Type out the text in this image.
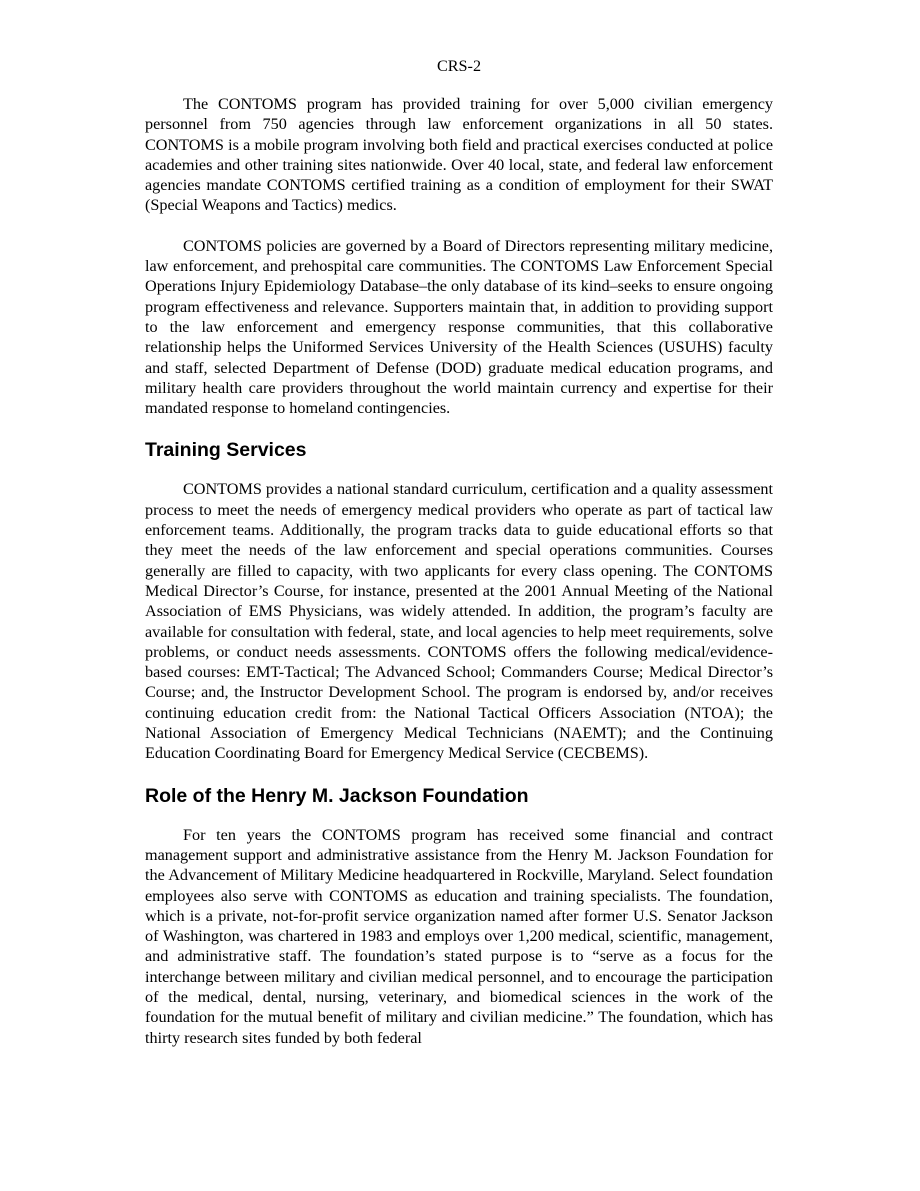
CRS-2

The CONTOMS program has provided training for over 5,000 civilian emergency personnel from 750 agencies through law enforcement organizations in all 50 states. CONTOMS is a mobile program involving both field and practical exercises conducted at police academies and other training sites nationwide. Over 40 local, state, and federal law enforcement agencies mandate CONTOMS certified training as a condition of employment for their SWAT (Special Weapons and Tactics) medics.

CONTOMS policies are governed by a Board of Directors representing military medicine, law enforcement, and prehospital care communities. The CONTOMS Law Enforcement Special Operations Injury Epidemiology Database–the only database of its kind–seeks to ensure ongoing program effectiveness and relevance. Supporters maintain that, in addition to providing support to the law enforcement and emergency response communities, that this collaborative relationship helps the Uniformed Services University of the Health Sciences (USUHS) faculty and staff, selected Department of Defense (DOD) graduate medical education programs, and military health care providers throughout the world maintain currency and expertise for their mandated response to homeland contingencies.

Training Services

CONTOMS provides a national standard curriculum, certification and a quality assessment process to meet the needs of emergency medical providers who operate as part of tactical law enforcement teams. Additionally, the program tracks data to guide educational efforts so that they meet the needs of the law enforcement and special operations communities. Courses generally are filled to capacity, with two applicants for every class opening. The CONTOMS Medical Director’s Course, for instance, presented at the 2001 Annual Meeting of the National Association of EMS Physicians, was widely attended. In addition, the program’s faculty are available for consultation with federal, state, and local agencies to help meet requirements, solve problems, or conduct needs assessments. CONTOMS offers the following medical/evidence-based courses: EMT-Tactical; The Advanced School; Commanders Course; Medical Director’s Course; and, the Instructor Development School. The program is endorsed by, and/or receives continuing education credit from: the National Tactical Officers Association (NTOA); the National Association of Emergency Medical Technicians (NAEMT); and the Continuing Education Coordinating Board for Emergency Medical Service (CECBEMS).

Role of the Henry M. Jackson Foundation

For ten years the CONTOMS program has received some financial and contract management support and administrative assistance from the Henry M. Jackson Foundation for the Advancement of Military Medicine headquartered in Rockville, Maryland. Select foundation employees also serve with CONTOMS as education and training specialists. The foundation, which is a private, not-for-profit service organization named after former U.S. Senator Jackson of Washington, was chartered in 1983 and employs over 1,200 medical, scientific, management, and administrative staff. The foundation’s stated purpose is to “serve as a focus for the interchange between military and civilian medical personnel, and to encourage the participation of the medical, dental, nursing, veterinary, and biomedical sciences in the work of the foundation for the mutual benefit of military and civilian medicine.” The foundation, which has thirty research sites funded by both federal
